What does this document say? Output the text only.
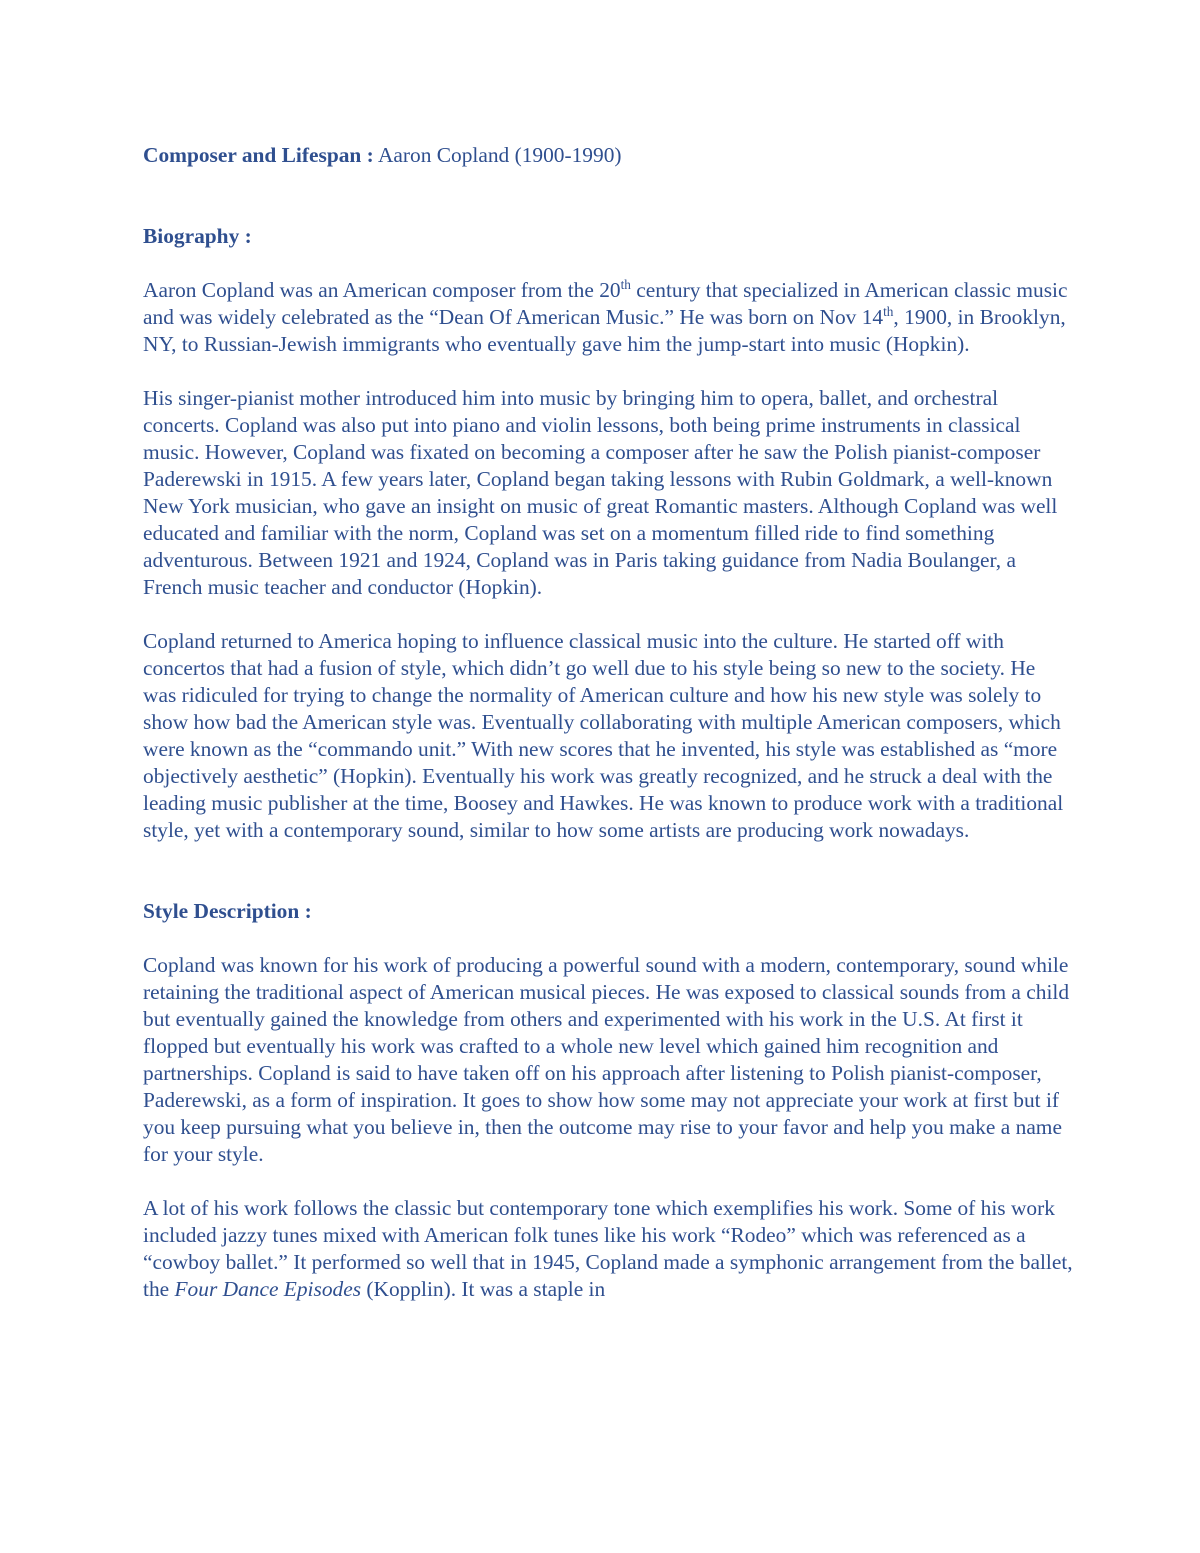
Composer and Lifespan : Aaron Copland (1900-1990)

Biography :

Aaron Copland was an American composer from the 20th century that specialized in American classic music and was widely celebrated as the “Dean Of American Music.” He was born on Nov 14th, 1900, in Brooklyn, NY, to Russian-Jewish immigrants who eventually gave him the jump-start into music (Hopkin).

His singer-pianist mother introduced him into music by bringing him to opera, ballet, and orchestral concerts. Copland was also put into piano and violin lessons, both being prime instruments in classical music. However, Copland was fixated on becoming a composer after he saw the Polish pianist-composer Paderewski in 1915. A few years later, Copland began taking lessons with Rubin Goldmark, a well-known New York musician, who gave an insight on music of great Romantic masters. Although Copland was well educated and familiar with the norm, Copland was set on a momentum filled ride to find something adventurous. Between 1921 and 1924, Copland was in Paris taking guidance from Nadia Boulanger, a French music teacher and conductor (Hopkin).

Copland returned to America hoping to influence classical music into the culture. He started off with concertos that had a fusion of style, which didn’t go well due to his style being so new to the society. He was ridiculed for trying to change the normality of American culture and how his new style was solely to show how bad the American style was. Eventually collaborating with multiple American composers, which were known as the “commando unit.” With new scores that he invented, his style was established as “more objectively aesthetic” (Hopkin). Eventually his work was greatly recognized, and he struck a deal with the leading music publisher at the time, Boosey and Hawkes. He was known to produce work with a traditional style, yet with a contemporary sound, similar to how some artists are producing work nowadays.

Style Description :

Copland was known for his work of producing a powerful sound with a modern, contemporary, sound while retaining the traditional aspect of American musical pieces. He was exposed to classical sounds from a child but eventually gained the knowledge from others and experimented with his work in the U.S. At first it flopped but eventually his work was crafted to a whole new level which gained him recognition and partnerships. Copland is said to have taken off on his approach after listening to Polish pianist-composer, Paderewski, as a form of inspiration. It goes to show how some may not appreciate your work at first but if you keep pursuing what you believe in, then the outcome may rise to your favor and help you make a name for your style.

A lot of his work follows the classic but contemporary tone which exemplifies his work. Some of his work included jazzy tunes mixed with American folk tunes like his work “Rodeo” which was referenced as a “cowboy ballet.” It performed so well that in 1945, Copland made a symphonic arrangement from the ballet, the Four Dance Episodes (Kopplin). It was a staple in
